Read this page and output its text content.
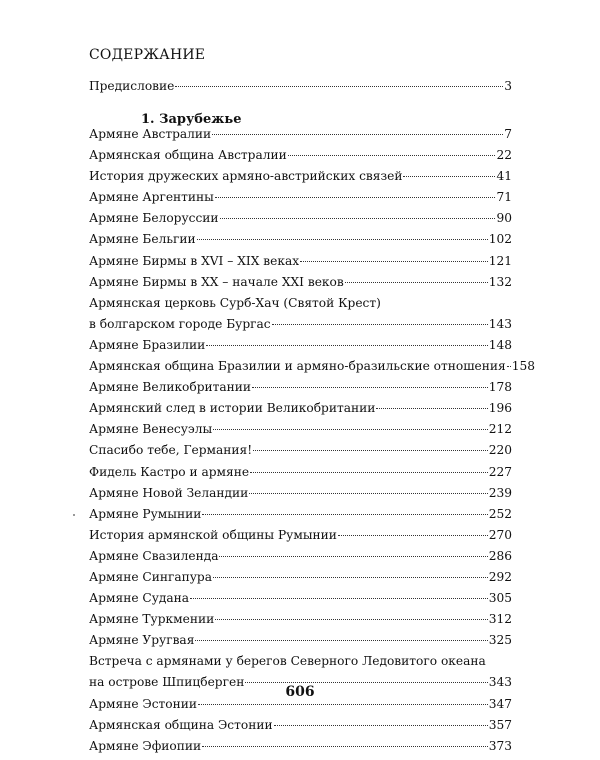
СОДЕРЖАНИЕ
Предисловие	3
1. Зарубежье
Армяне Австралии	7
Армянская община Австралии	22
История дружеских армяно-австрийских связей	41
Армяне Аргентины	71
Армяне Белоруссии	90
Армяне Бельгии	102
Армяне Бирмы в XVI – XIX веках	121
Армяне Бирмы в XX – начале XXI веков	132
Армянская церковь Сурб-Хач (Святой Крест)
в болгарском городе Бургас	143
Армяне Бразилии	148
Армянская община Бразилии и армяно-бразильские отношения 158
Армяне Великобритании	178
Армянский след в истории Великобритании	196
Армяне Венесуэлы	212
Спасибо тебе, Германия!	220
Фидель Кастро и армяне	227
Армяне Новой Зеландии	239
Армяне Румынии	252
История армянской общины Румынии	270
Армяне Свазиленда	286
Армяне Сингапура	292
Армяне Судана	305
Армяне Туркмении	312
Армяне Уругвая	325
Встреча с армянами у берегов Северного Ледовитого океана
на острове Шпицберген	343
Армяне Эстонии	347
Армянская община Эстонии	357
Армяне Эфиопии	373
606
